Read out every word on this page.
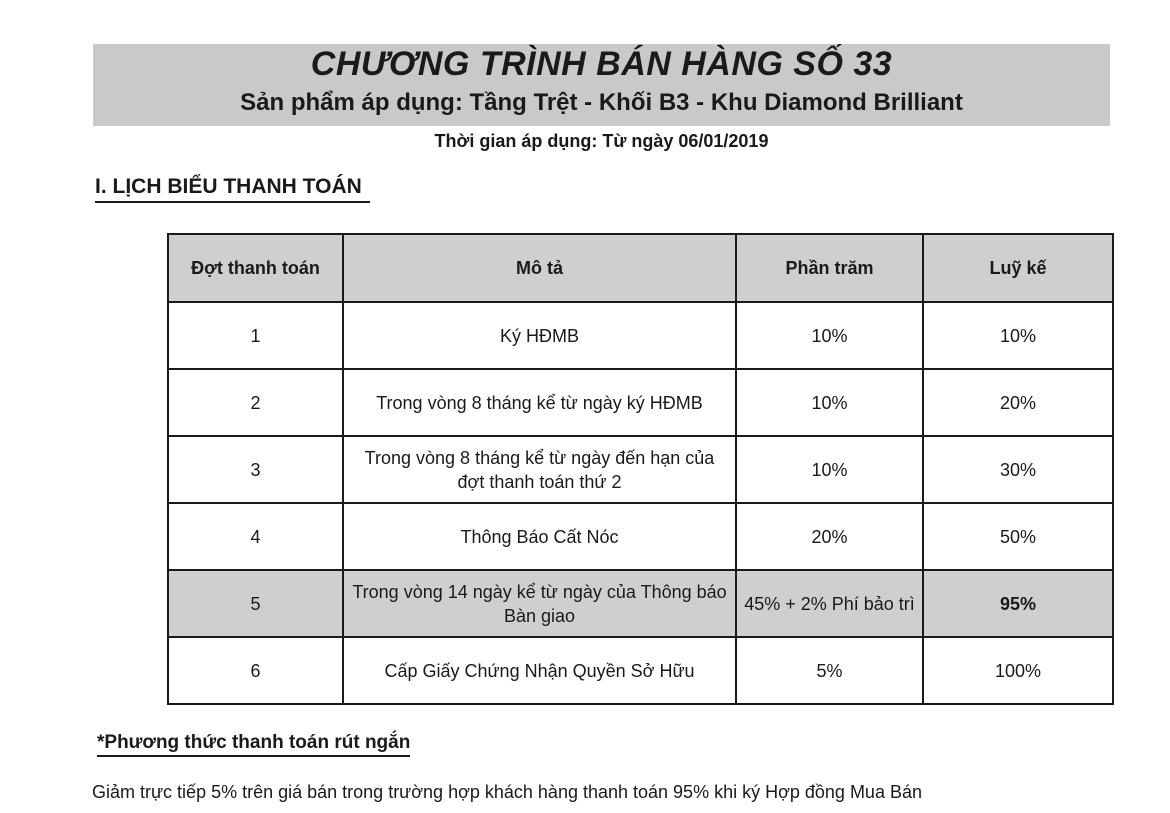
CHƯƠNG TRÌNH BÁN HÀNG SỐ 33
Sản phẩm áp dụng: Tầng Trệt - Khối B3 - Khu Diamond Brilliant
Thời gian áp dụng: Từ ngày 06/01/2019
I. LỊCH BIỂU THANH TOÁN
Đợt thanh toán	Mô tả	Phần trăm	Luỹ kế
1	Ký HĐMB	10%	10%
2	Trong vòng 8 tháng kể từ ngày ký HĐMB	10%	20%
3	Trong vòng 8 tháng kể từ ngày đến hạn của đợt thanh toán thứ 2	10%	30%
4	Thông Báo Cất Nóc	20%	50%
5	Trong vòng 14 ngày kể từ ngày của Thông báo Bàn giao	45% + 2% Phí bảo trì	95%
6	Cấp Giấy Chứng Nhận Quyền Sở Hữu	5%	100%
*Phương thức thanh toán rút ngắn
Giảm trực tiếp 5% trên giá bán trong trường hợp khách hàng thanh toán 95% khi ký Hợp đồng Mua Bán
